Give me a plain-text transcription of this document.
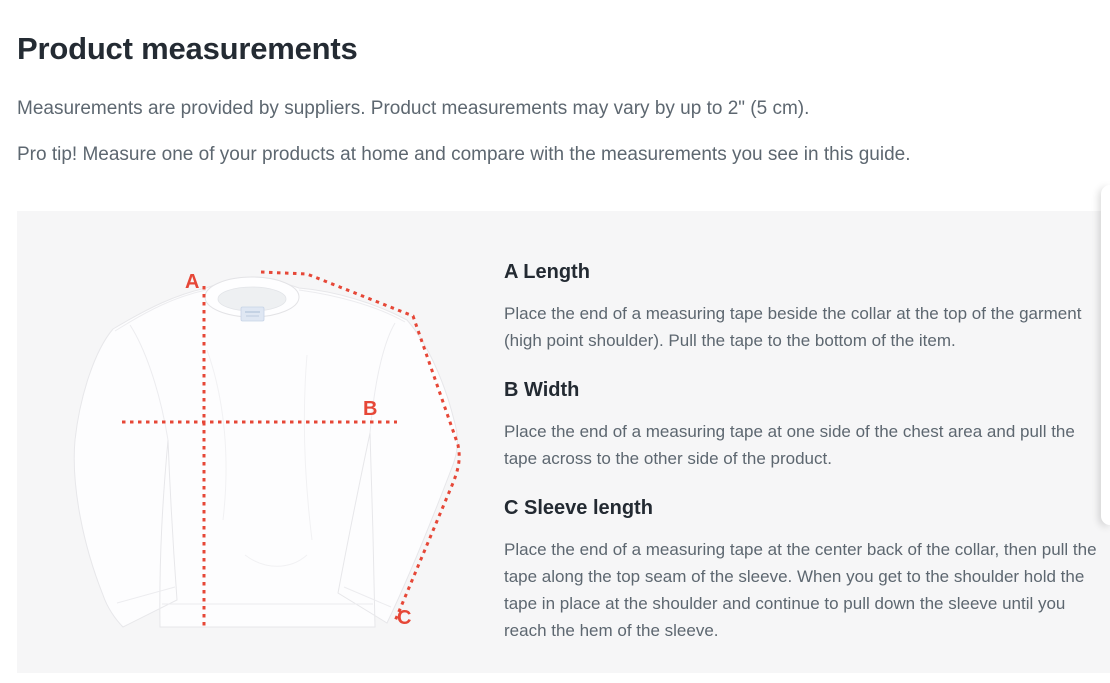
Product measurements

Measurements are provided by suppliers. Product measurements may vary by up to 2" (5 cm).

Pro tip! Measure one of your products at home and compare with the measurements you see in this guide.

A
B
C
A Length

Place the end of a measuring tape beside the collar at the top of the garment (high point shoulder). Pull the tape to the bottom of the item.

B Width

Place the end of a measuring tape at one side of the chest area and pull the tape across to the other side of the product.

C Sleeve length

Place the end of a measuring tape at the center back of the collar, then pull the tape along the top seam of the sleeve. When you get to the shoulder hold the tape in place at the shoulder and continue to pull down the sleeve until you reach the hem of the sleeve.
